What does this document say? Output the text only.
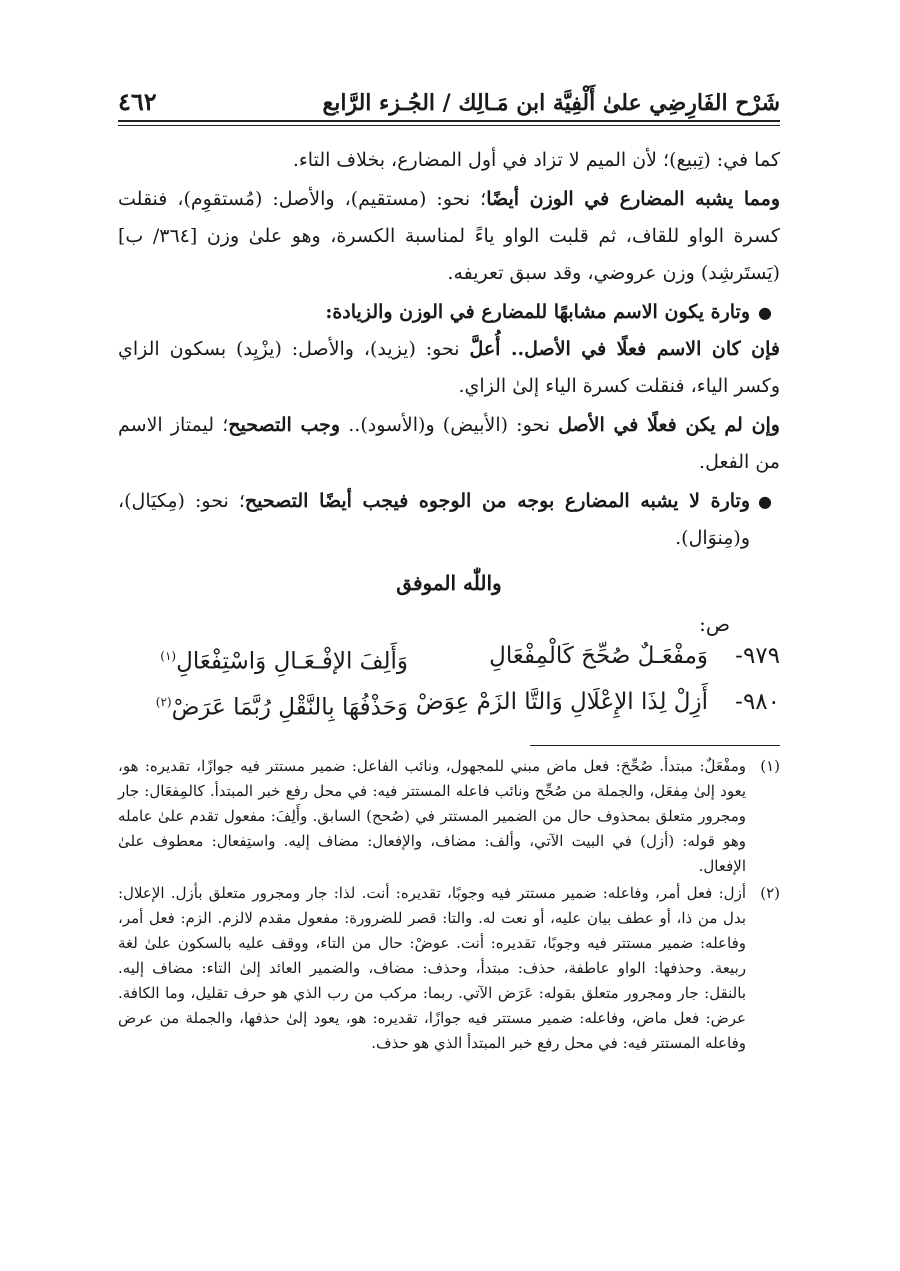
شَرْح الفَارِضِي علىٰ أَلْفِيَّة ابن مَـالِك / الجُـزء الرَّابع
٤٦٢

كما في: (تِبيع)؛ لأن الميم لا تزاد في أول المضارع، بخلاف التاء.

ومما يشبه المضارع في الوزن أيضًا؛ نحو: (مستقيم)، والأصل: (مُستقوِم)، فنقلت كسرة الواو للقاف، ثم قلبت الواو ياءً لمناسبة الكسرة، وهو علىٰ وزن [٣٦٤/ ب] (يَستَرشِد) وزن عروضي، وقد سبق تعريفه.

●
وتارة يكون الاسم مشابهًا للمضارع في الوزن والزيادة:

فإن كان الاسم فعلًا في الأصل.. أُعلَّ نحو: (يزيد)، والأصل: (يزْيِد) بسكون الزاي وكسر الياء، فنقلت كسرة الياء إلىٰ الزاي.

وإن لم يكن فعلًا في الأصل نحو: (الأبيض) و(الأسود).. وجب التصحيح؛ ليمتاز الاسم من الفعل.

●
وتارة لا يشبه المضارع بوجه من الوجوه فيجب أيضًا التصحيح؛ نحو: (مِكيَال)، و(مِنوَال).
واللّٰه الموفق
ص:
٩٧٩-
وَمفْعَـلٌ صُحِّحَ كَالْمِفْعَالِ
وَأَلِفَ الإفْـعَـالِ وَاسْتِفْعَالِ$^{(١)}$
٩٨٠-
أَزِلْ لِذَا الإِعْلَالِ وَالتَّا الزَمْ عِوَضْ
وَحَذْفُهَا بِالنَّقْلِ رُبَّمَا عَرَضْ$^{(٢)}$
(١)
ومفْعَلٌ: مبتدأ. صُحِّحَ: فعل ماض مبني للمجهول، ونائب الفاعل: ضمير مستتر فيه جوازًا، تقديره: هو، يعود إلىٰ مِفعَل، والجملة من صُحِّح ونائب فاعله المستتر فيه: في محل رفع خبر المبتدأ. كالمِفعَال: جار ومجرور متعلق بمحذوف حال من الضمير المستتر في (صُحح) السابق. وأَلِفَ: مفعول تقدم علىٰ عامله وهو قوله: (أزل) في البيت الآتي، وألف: مضاف، والإفعال: مضاف إليه. واستِفعال: معطوف علىٰ الإفعال.
(٢)
أزل: فعل أمر، وفاعله: ضمير مستتر فيه وجوبًا، تقديره: أنت. لذا: جار ومجرور متعلق بأزل. الإعلال: بدل من ذا، أو عطف بيان عليه، أو نعت له. والتا: قصر للضرورة: مفعول مقدم لالزم. الزم: فعل أمر، وفاعله: ضمير مستتر فيه وجوبًا، تقديره: أنت. عوضْ: حال من التاء، ووقف عليه بالسكون علىٰ لغة ربيعة. وحذفها: الواو عاطفة، حذف: مبتدأ، وحذف: مضاف، والضمير العائد إلىٰ التاء: مضاف إليه. بالنقل: جار ومجرور متعلق بقوله: عَرَض الآتي. ربما: مركب من رب الذي هو حرف تقليل، وما الكافة. عرض: فعل ماض، وفاعله: ضمير مستتر فيه جوازًا، تقديره: هو، يعود إلىٰ حذفها، والجملة من عرض وفاعله المستتر فيه: في محل رفع خبر المبتدأ الذي هو حذف.
